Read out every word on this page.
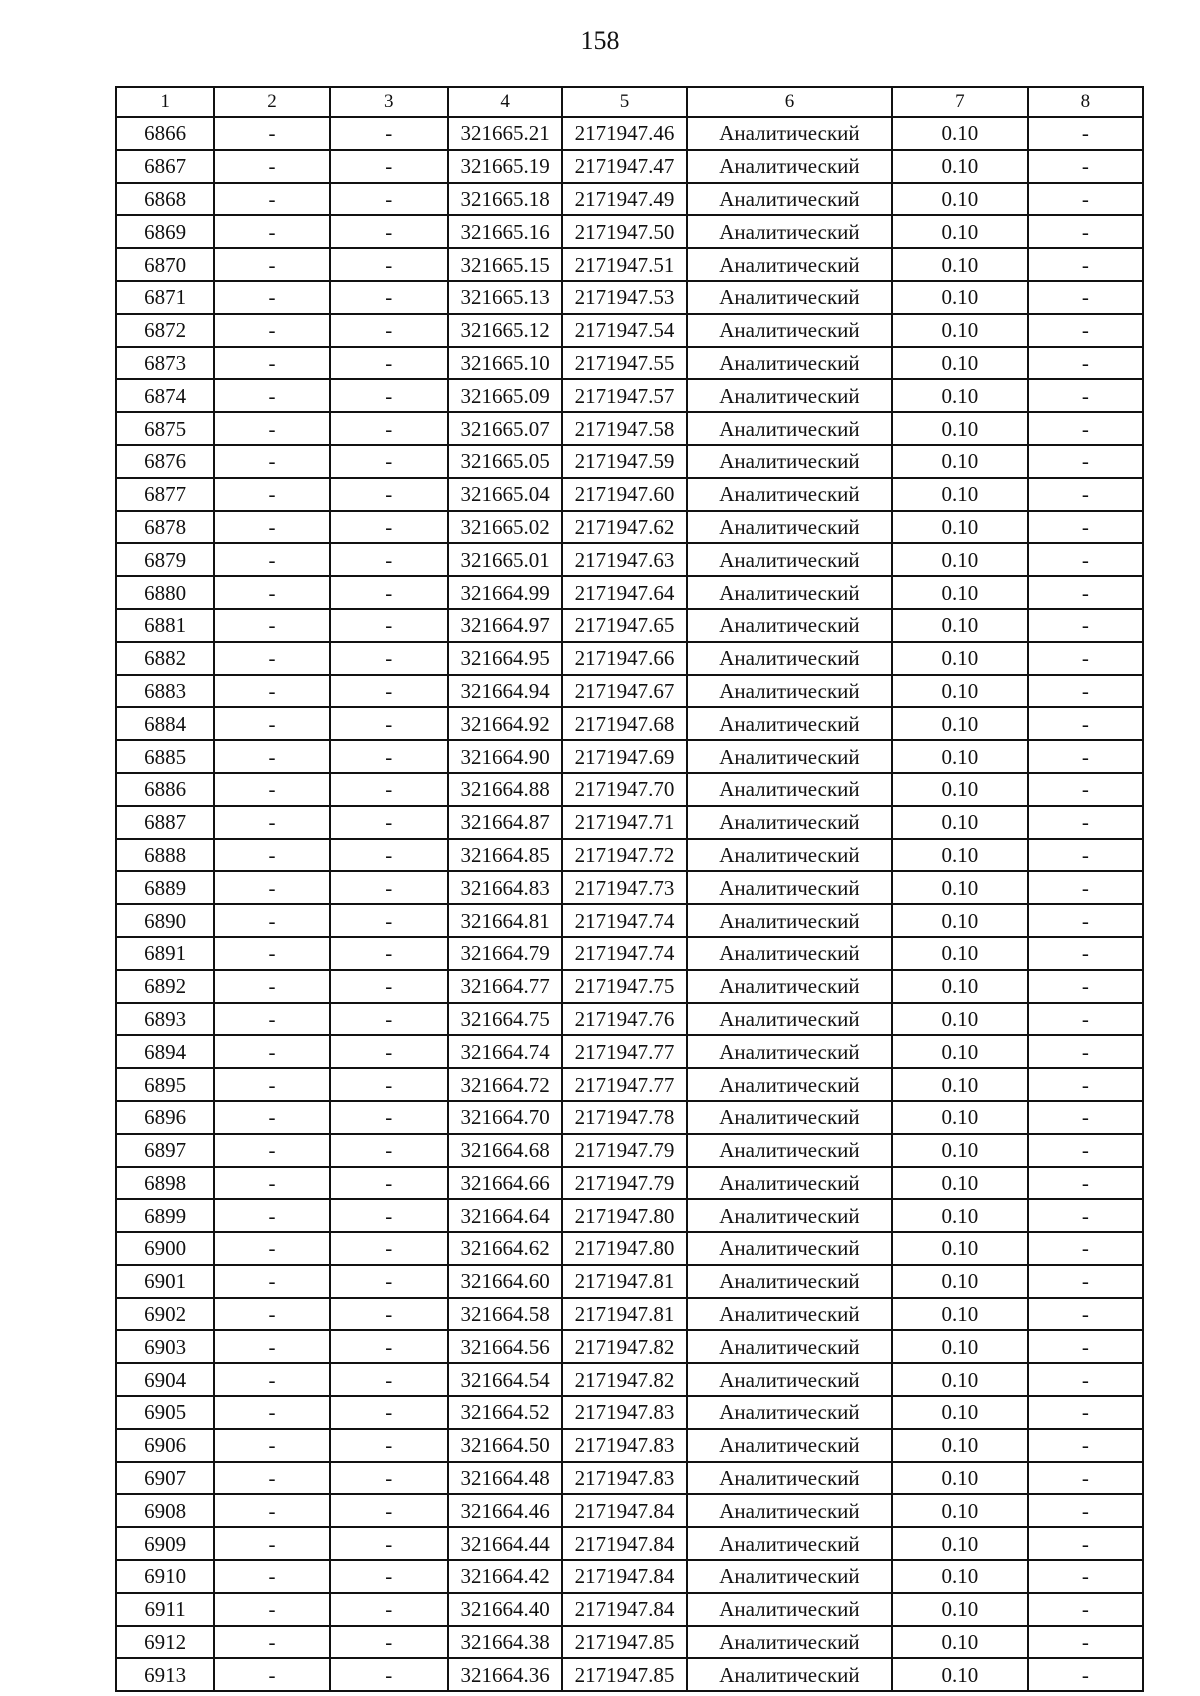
158
1	2	3	4	5	6	7	8
6866	-	-	321665.21	2171947.46	Аналитический	0.10	-
6867	-	-	321665.19	2171947.47	Аналитический	0.10	-
6868	-	-	321665.18	2171947.49	Аналитический	0.10	-
6869	-	-	321665.16	2171947.50	Аналитический	0.10	-
6870	-	-	321665.15	2171947.51	Аналитический	0.10	-
6871	-	-	321665.13	2171947.53	Аналитический	0.10	-
6872	-	-	321665.12	2171947.54	Аналитический	0.10	-
6873	-	-	321665.10	2171947.55	Аналитический	0.10	-
6874	-	-	321665.09	2171947.57	Аналитический	0.10	-
6875	-	-	321665.07	2171947.58	Аналитический	0.10	-
6876	-	-	321665.05	2171947.59	Аналитический	0.10	-
6877	-	-	321665.04	2171947.60	Аналитический	0.10	-
6878	-	-	321665.02	2171947.62	Аналитический	0.10	-
6879	-	-	321665.01	2171947.63	Аналитический	0.10	-
6880	-	-	321664.99	2171947.64	Аналитический	0.10	-
6881	-	-	321664.97	2171947.65	Аналитический	0.10	-
6882	-	-	321664.95	2171947.66	Аналитический	0.10	-
6883	-	-	321664.94	2171947.67	Аналитический	0.10	-
6884	-	-	321664.92	2171947.68	Аналитический	0.10	-
6885	-	-	321664.90	2171947.69	Аналитический	0.10	-
6886	-	-	321664.88	2171947.70	Аналитический	0.10	-
6887	-	-	321664.87	2171947.71	Аналитический	0.10	-
6888	-	-	321664.85	2171947.72	Аналитический	0.10	-
6889	-	-	321664.83	2171947.73	Аналитический	0.10	-
6890	-	-	321664.81	2171947.74	Аналитический	0.10	-
6891	-	-	321664.79	2171947.74	Аналитический	0.10	-
6892	-	-	321664.77	2171947.75	Аналитический	0.10	-
6893	-	-	321664.75	2171947.76	Аналитический	0.10	-
6894	-	-	321664.74	2171947.77	Аналитический	0.10	-
6895	-	-	321664.72	2171947.77	Аналитический	0.10	-
6896	-	-	321664.70	2171947.78	Аналитический	0.10	-
6897	-	-	321664.68	2171947.79	Аналитический	0.10	-
6898	-	-	321664.66	2171947.79	Аналитический	0.10	-
6899	-	-	321664.64	2171947.80	Аналитический	0.10	-
6900	-	-	321664.62	2171947.80	Аналитический	0.10	-
6901	-	-	321664.60	2171947.81	Аналитический	0.10	-
6902	-	-	321664.58	2171947.81	Аналитический	0.10	-
6903	-	-	321664.56	2171947.82	Аналитический	0.10	-
6904	-	-	321664.54	2171947.82	Аналитический	0.10	-
6905	-	-	321664.52	2171947.83	Аналитический	0.10	-
6906	-	-	321664.50	2171947.83	Аналитический	0.10	-
6907	-	-	321664.48	2171947.83	Аналитический	0.10	-
6908	-	-	321664.46	2171947.84	Аналитический	0.10	-
6909	-	-	321664.44	2171947.84	Аналитический	0.10	-
6910	-	-	321664.42	2171947.84	Аналитический	0.10	-
6911	-	-	321664.40	2171947.84	Аналитический	0.10	-
6912	-	-	321664.38	2171947.85	Аналитический	0.10	-
6913	-	-	321664.36	2171947.85	Аналитический	0.10	-
